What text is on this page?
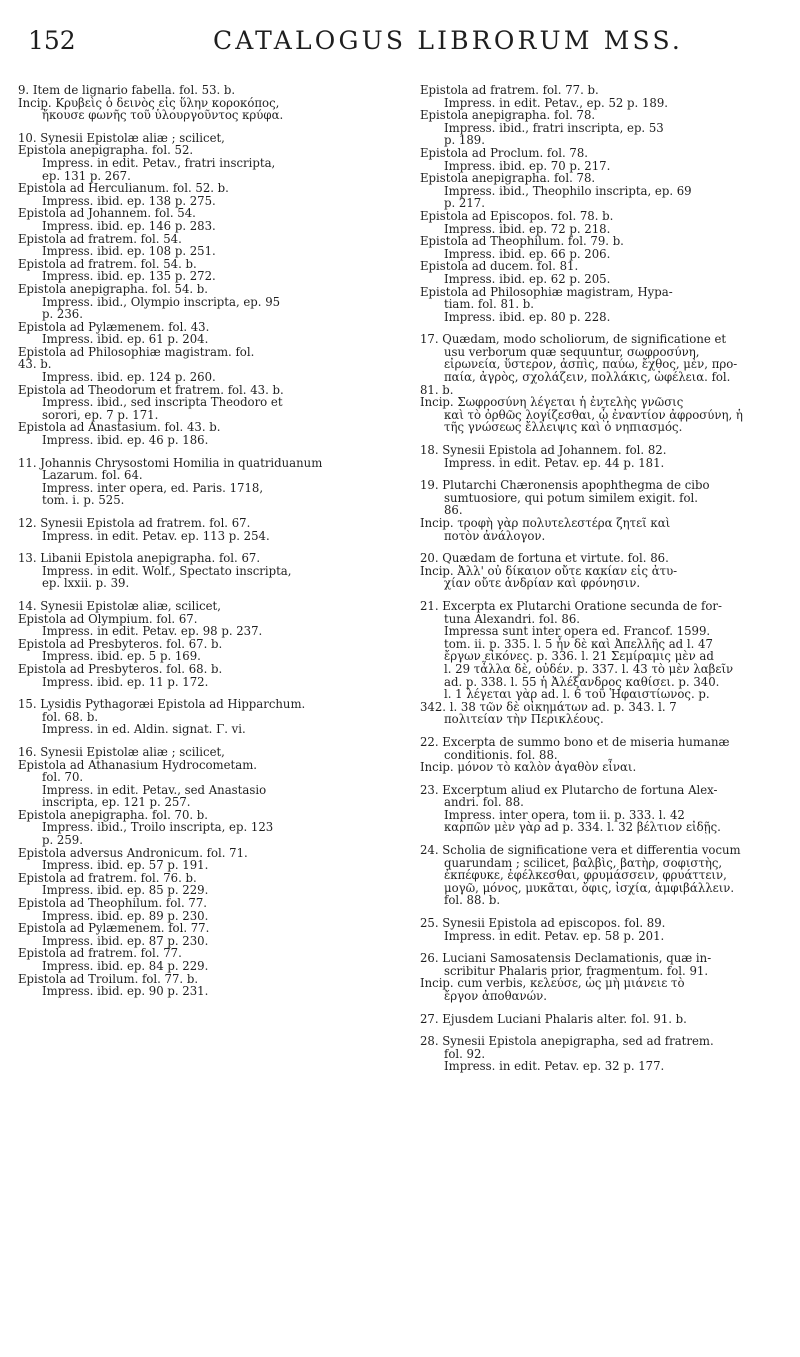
152	CATALOGUS LIBRORUM MSS.
9. Item de lignario fabella. fol. 53. b.
Incip. Κρυβεὶς ὁ δεινὸς εἰς ὕλην κοροκόπος,
ἤκουσε φωνῆς τοῦ ὑλουργοῦντος κρύφα.
10. Synesii Epistolæ aliæ ; scilicet,
Epistola anepigrapha. fol. 52.
Impress. in edit. Petav., fratri inscripta,
ep. 131 p. 267.
Epistola ad Herculianum. fol. 52. b.
Impress. ibid. ep. 138 p. 275.
Epistola ad Johannem. fol. 54.
Impress. ibid. ep. 146 p. 283.
Epistola ad fratrem. fol. 54.
Impress. ibid. ep. 108 p. 251.
Epistola ad fratrem. fol. 54. b.
Impress. ibid. ep. 135 p. 272.
Epistola anepigrapha. fol. 54. b.
Impress. ibid., Olympio inscripta, ep. 95
p. 236.
Epistola ad Pylæmenem. fol. 43.
Impress. ibid. ep. 61 p. 204.
Epistola ad Philosophiæ magistram. fol.
43. b.
Impress. ibid. ep. 124 p. 260.
Epistola ad Theodorum et fratrem. fol. 43. b.
Impress. ibid., sed inscripta Theodoro et
sorori, ep. 7 p. 171.
Epistola ad Anastasium. fol. 43. b.
Impress. ibid. ep. 46 p. 186.
11. Johannis Chrysostomi Homilia in quatriduanum
Lazarum. fol. 64.
Impress. inter opera, ed. Paris. 1718,
tom. i. p. 525.
12. Synesii Epistola ad fratrem. fol. 67.
Impress. in edit. Petav. ep. 113 p. 254.
13. Libanii Epistola anepigrapha. fol. 67.
Impress. in edit. Wolf., Spectato inscripta,
ep. lxxii. p. 39.
14. Synesii Epistolæ aliæ, scilicet,
Epistola ad Olympium. fol. 67.
Impress. in edit. Petav. ep. 98 p. 237.
Epistola ad Presbyteros. fol. 67. b.
Impress. ibid. ep. 5 p. 169.
Epistola ad Presbyteros. fol. 68. b.
Impress. ibid. ep. 11 p. 172.
15. Lysidis Pythagoræi Epistola ad Hipparchum.
fol. 68. b.
Impress. in ed. Aldin. signat. Γ. vi.
16. Synesii Epistolæ aliæ ; scilicet,
Epistola ad Athanasium Hydrocometam.
fol. 70.
Impress. in edit. Petav., sed Anastasio
inscripta, ep. 121 p. 257.
Epistola anepigrapha. fol. 70. b.
Impress. ibid., Troilo inscripta, ep. 123
p. 259.
Epistola adversus Andronicum. fol. 71.
Impress. ibid. ep. 57 p. 191.
Epistola ad fratrem. fol. 76. b.
Impress. ibid. ep. 85 p. 229.
Epistola ad Theophilum. fol. 77.
Impress. ibid. ep. 89 p. 230.
Epistola ad Pylæmenem. fol. 77.
Impress. ibid. ep. 87 p. 230.
Epistola ad fratrem. fol. 77.
Impress. ibid. ep. 84 p. 229.
Epistola ad Troilum. fol. 77. b.
Impress. ibid. ep. 90 p. 231.
Epistola ad fratrem. fol. 77. b.
Impress. in edit. Petav., ep. 52 p. 189.
Epistola anepigrapha. fol. 78.
Impress. ibid., fratri inscripta, ep. 53
p. 189.
Epistola ad Proclum. fol. 78.
Impress. ibid. ep. 70 p. 217.
Epistola anepigrapha. fol. 78.
Impress. ibid., Theophilo inscripta, ep. 69
p. 217.
Epistola ad Episcopos. fol. 78. b.
Impress. ibid. ep. 72 p. 218.
Epistola ad Theophilum. fol. 79. b.
Impress. ibid. ep. 66 p. 206.
Epistola ad ducem. fol. 81.
Impress. ibid. ep. 62 p. 205.
Epistola ad Philosophiæ magistram, Hypa-
tiam. fol. 81. b.
Impress. ibid. ep. 80 p. 228.
17. Quædam, modo scholiorum, de significatione et
usu verborum quæ sequuntur, σωφροσύνη,
εἰρωνεία, ὕστερον, ἀσπὶς, παύω, ἔχθος, μὲν, προ-
παία, ἀγρὸς, σχολάζειν, πολλάκις, ὠφέλεια. fol.
81. b.
Incip. Σωφροσύνη λέγεται ἡ ἐντελὴς γνῶσις
καὶ τὸ ὀρθῶς λογίζεσθαι, ᾧ ἐναντίον ἀφροσύνη, ἡ
τῆς γνώσεως ἔλλειψις καὶ ὁ νηπιασμός.
18. Synesii Epistola ad Johannem. fol. 82.
Impress. in edit. Petav. ep. 44 p. 181.
19. Plutarchi Chæronensis apophthegma de cibo
sumtuosiore, qui potum similem exigit. fol.
86.
Incip. τροφὴ γὰρ πολυτελεστέρα ζητεῖ καὶ
ποτὸν ἀνάλογον.
20. Quædam de fortuna et virtute. fol. 86.
Incip. Ἀλλ' οὐ δίκαιον οὔτε κακίαν εἰς ἀτυ-
χίαν οὔτε ἀνδρίαν καὶ φρόνησιν.
21. Excerpta ex Plutarchi Oratione secunda de for-
tuna Alexandri. fol. 86.
Impressa sunt inter opera ed. Francof. 1599.
tom. ii. p. 335. l. 5 ἦν δὲ καὶ Ἀπελλῆς ad l. 47
ἔργων εἰκόνες. p. 336. l. 21 Σεμίραμις μὲν ad
l. 29 τἆλλα δὲ, οὐδέν. p. 337. l. 43 τὸ μὲν λαβεῖν
ad. p. 338. l. 55 ἡ Ἀλέξανδρος καθίσει. p. 340.
l. 1 λέγεται γὰρ ad. l. 6 τοῦ Ἡφαιστίωνος. p.
342. l. 38 τῶν δὲ οἰκημάτων ad. p. 343. l. 7
πολιτείαν τὴν Περικλέους.
22. Excerpta de summo bono et de miseria humanæ
conditionis. fol. 88.
Incip. μόνον τὸ καλὸν ἀγαθὸν εἶναι.
23. Excerptum aliud ex Plutarcho de fortuna Alex-
andri. fol. 88.
Impress. inter opera, tom ii. p. 333. l. 42
καρπῶν μὲν γὰρ ad p. 334. l. 32 βέλτιον εἰδῇς.
24. Scholia de significatione vera et differentia vocum
quarundam ; scilicet, βαλβὶς, βατὴρ, σοφιστὴς,
ἐκπέφυκε, ἐφέλκεσθαι, φρυμάσσειν, φρυάττειν,
μογῶ, μόνος, μυκᾶται, ὄφις, ἰσχία, ἀμφιβάλλειν.
fol. 88. b.
25. Synesii Epistola ad episcopos. fol. 89.
Impress. in edit. Petav. ep. 58 p. 201.
26. Luciani Samosatensis Declamationis, quæ in-
scribitur Phalaris prior, fragmentum. fol. 91.
Incip. cum verbis, κελεύσε, ὡς μὴ μιάνειε τὸ
ἔργον ἀποθανών.
27. Ejusdem Luciani Phalaris alter. fol. 91. b.
28. Synesii Epistola anepigrapha, sed ad fratrem.
fol. 92.
Impress. in edit. Petav. ep. 32 p. 177.
